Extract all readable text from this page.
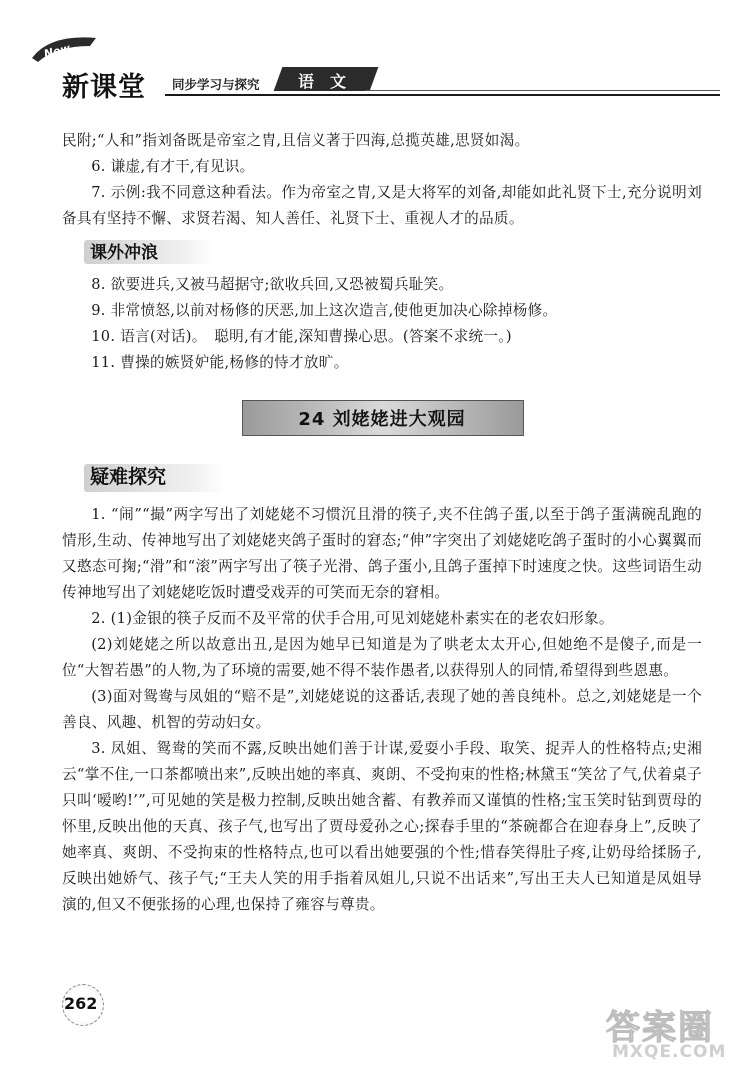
New
新课堂 同步学习与探究 语文

民附;“人和”指刘备既是帝室之胄,且信义著于四海,总揽英雄,思贤如渴。

6. 谦虚,有才干,有见识。

7. 示例:我不同意这种看法。作为帝室之胄,又是大将军的刘备,却能如此礼贤下士,充分说明刘备具有坚持不懈、求贤若渴、知人善任、礼贤下士、重视人才的品质。

课外冲浪

8. 欲要进兵,又被马超据守;欲收兵回,又恐被蜀兵耻笑。

9. 非常愤怒,以前对杨修的厌恶,加上这次造言,使他更加决心除掉杨修。

10. 语言(对话)。　聪明,有才能,深知曹操心思。(答案不求统一。)

11. 曹操的嫉贤妒能,杨修的恃才放旷。

24 刘姥姥进大观园
疑难探究

1. “闹”“撮”两字写出了刘姥姥不习惯沉且滑的筷子,夹不住鸽子蛋,以至于鸽子蛋满碗乱跑的情形,生动、传神地写出了刘姥姥夹鸽子蛋时的窘态;“伸”字突出了刘姥姥吃鸽子蛋时的小心翼翼而又憨态可掬;“滑”和“滚”两字写出了筷子光滑、鸽子蛋小,且鸽子蛋掉下时速度之快。这些词语生动传神地写出了刘姥姥吃饭时遭受戏弄的可笑而无奈的窘相。

2. (1)金银的筷子反而不及平常的伏手合用,可见刘姥姥朴素实在的老农妇形象。

(2)刘姥姥之所以故意出丑,是因为她早已知道是为了哄老太太开心,但她绝不是傻子,而是一位“大智若愚”的人物,为了环境的需要,她不得不装作愚者,以获得别人的同情,希望得到些恩惠。

(3)面对鸳鸯与凤姐的“赔不是”,刘姥姥说的这番话,表现了她的善良纯朴。总之,刘姥姥是一个善良、风趣、机智的劳动妇女。

3. 凤姐、鸳鸯的笑而不露,反映出她们善于计谋,爱耍小手段、取笑、捉弄人的性格特点;史湘云“掌不住,一口茶都喷出来”,反映出她的率真、爽朗、不受拘束的性格;林黛玉“笑岔了气,伏着桌子只叫‘嗳哟!’”,可见她的笑是极力控制,反映出她含蓄、有教养而又谨慎的性格;宝玉笑时钻到贾母的怀里,反映出他的天真、孩子气,也写出了贾母爱孙之心;探春手里的“茶碗都合在迎春身上”,反映了她率真、爽朗、不受拘束的性格特点,也可以看出她要强的个性;惜春笑得肚子疼,让奶母给揉肠子,反映出她娇气、孩子气;“王夫人笑的用手指着凤姐儿,只说不出话来”,写出王夫人已知道是凤姐导演的,但又不便张扬的心理,也保持了雍容与尊贵。

262
答案圈
MXQE.COM
